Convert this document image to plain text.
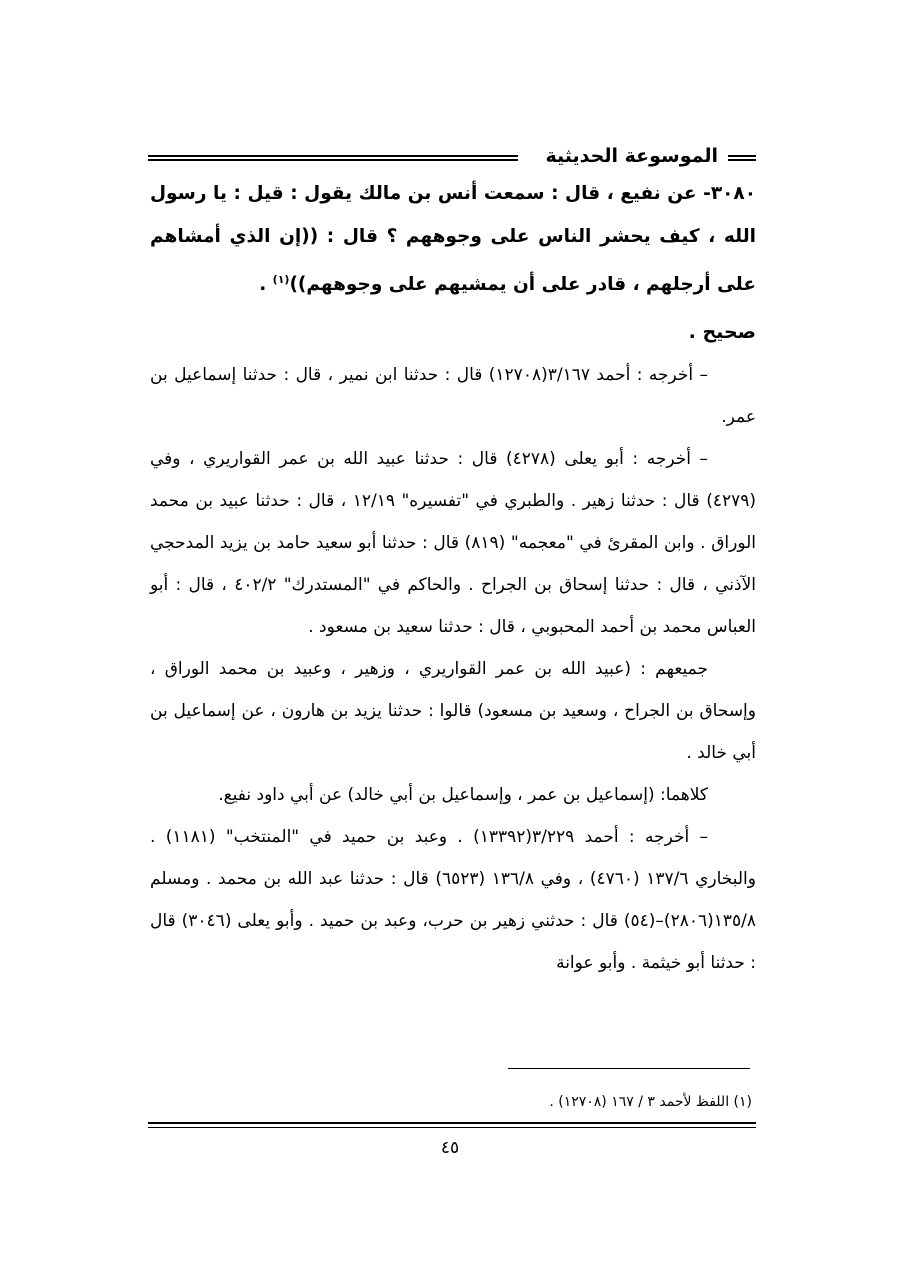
الموسوعة الحديثية

٣٠٨٠- عن نفيع ، قال : سمعت أنس بن مالك يقول : قيل : يا رسول الله ، كيف يحشر الناس على وجوههم ؟ قال : ((إن الذي أمشاهم على أرجلهم ، قادر على أن يمشيهم على وجوههم))$^{(١)}$ .

صحيح .

– أخرجه : أحمد ٣/١٦٧(١٢٧٠٨) قال : حدثنا ابن نمير ، قال : حدثنا إسماعيل بن عمر.

– أخرجه : أبو يعلى (٤٢٧٨) قال : حدثنا عبيد الله بن عمر القواريري ، وفي (٤٢٧٩) قال : حدثنا زهير . والطبري في "تفسيره" ١٢/١٩ ، قال : حدثنا عبيد بن محمد الوراق . وابن المقرئ في "معجمه" (٨١٩) قال : حدثنا أبو سعيد حامد بن يزيد المدحجي الآذني ، قال : حدثنا إسحاق بن الجراح . والحاكم في "المستدرك" ٤٠٢/٢ ، قال : أبو العباس محمد بن أحمد المحبوبي ، قال : حدثنا سعيد بن مسعود .

جميعهم : (عبيد الله بن عمر القواريري ، وزهير ، وعبيد بن محمد الوراق ، وإسحاق بن الجراح ، وسعيد بن مسعود) قالوا : حدثنا يزيد بن هارون ، عن إسماعيل بن أبي خالد .

كلاهما: (إسماعيل بن عمر ، وإسماعيل بن أبي خالد) عن أبي داود نفيع.

– أخرجه : أحمد ٣/٢٢٩(١٣٣٩٢) . وعبد بن حميد في "المنتخب" (١١٨١) . والبخاري ١٣٧/٦ (٤٧٦٠) ، وفي ١٣٦/٨ (٦٥٢٣) قال : حدثنا عبد الله بن محمد . ومسلم ١٣٥/٨(٢٨٠٦)–(٥٤) قال : حدثني زهير بن حرب، وعبد بن حميد . وأبو يعلى (٣٠٤٦) قال : حدثنا أبو خيثمة . وأبو عوانة

(١) اللفظ لأحمد ٣ / ١٦٧ (١٢٧٠٨) .
٤٥
